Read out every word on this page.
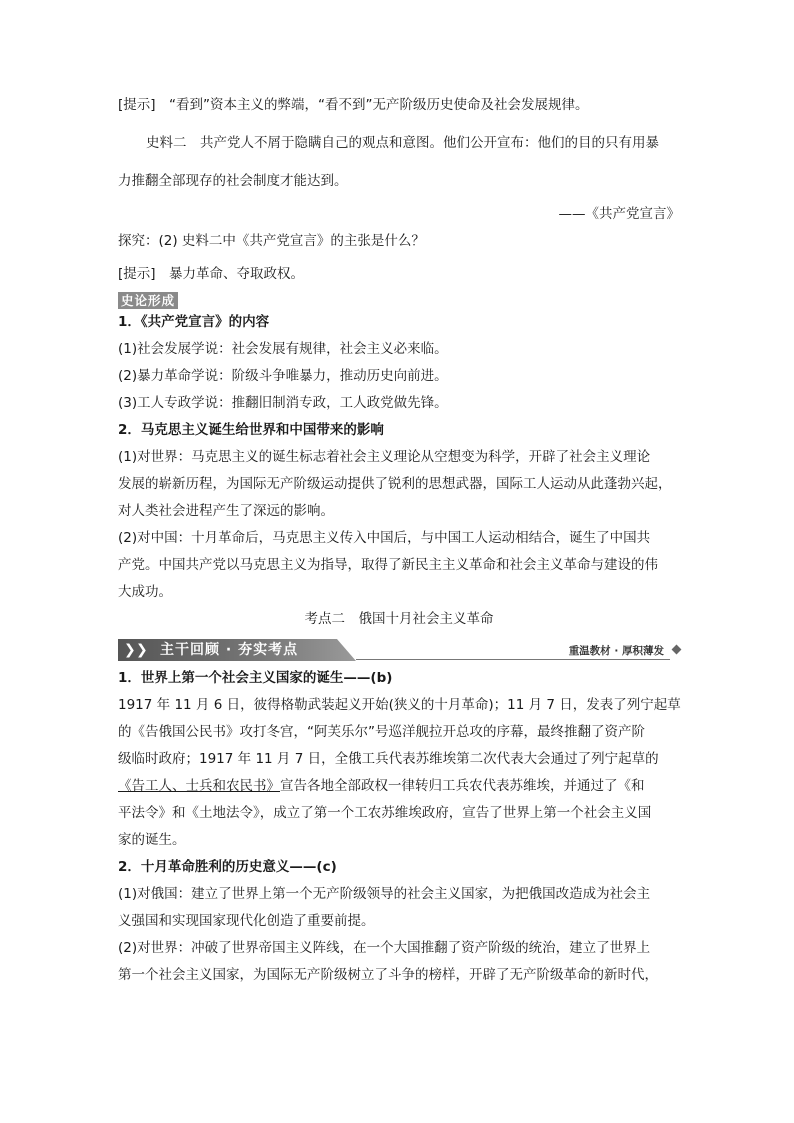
[提示]　“看到”资本主义的弊端，“看不到”无产阶级历史使命及社会发展规律。
史料二　共产党人不屑于隐瞒自己的观点和意图。他们公开宣布：他们的目的只有用暴
力推翻全部现存的社会制度才能达到。
——《共产党宣言》
探究：(2) 史料二中《共产党宣言》的主张是什么？
[提示]　暴力革命、夺取政权。
史论形成
1．《共产党宣言》的内容
(1)社会发展学说：社会发展有规律，社会主义必来临。
(2)暴力革命学说：阶级斗争唯暴力，推动历史向前进。
(3)工人专政学说：推翻旧制消专政，工人政党做先锋。
2．马克思主义诞生给世界和中国带来的影响
(1)对世界：马克思主义的诞生标志着社会主义理论从空想变为科学，开辟了社会主义理论
发展的崭新历程，为国际无产阶级运动提供了锐利的思想武器，国际工人运动从此蓬勃兴起，
对人类社会进程产生了深远的影响。
(2)对中国：十月革命后，马克思主义传入中国后，与中国工人运动相结合，诞生了中国共
产党。中国共产党以马克思主义为指导，取得了新民主主义革命和社会主义革命与建设的伟
大成功。
考点二　俄国十月社会主义革命
❯ ❯ 主干回顾 · 夯实考点	重温教材 · 厚积薄发
1．世界上第一个社会主义国家的诞生——(b)
1917 年 11 月 6 日，彼得格勒武装起义开始(狭义的十月革命)；11 月 7 日，发表了列宁起草
的《告俄国公民书》攻打冬宫，“阿芙乐尔”号巡洋舰拉开总攻的序幕，最终推翻了资产阶
级临时政府；1917 年 11 月 7 日，全俄工兵代表苏维埃第二次代表大会通过了列宁起草的
《告工人、士兵和农民书》宣告各地全部政权一律转归工兵农代表苏维埃，并通过了《和
平法令》和《土地法令》，成立了第一个工农苏维埃政府，宣告了世界上第一个社会主义国
家的诞生。
2．十月革命胜利的历史意义——(c)
(1)对俄国：建立了世界上第一个无产阶级领导的社会主义国家，为把俄国改造成为社会主
义强国和实现国家现代化创造了重要前提。
(2)对世界：冲破了世界帝国主义阵线，在一个大国推翻了资产阶级的统治，建立了世界上
第一个社会主义国家，为国际无产阶级树立了斗争的榜样，开辟了无产阶级革命的新时代，
